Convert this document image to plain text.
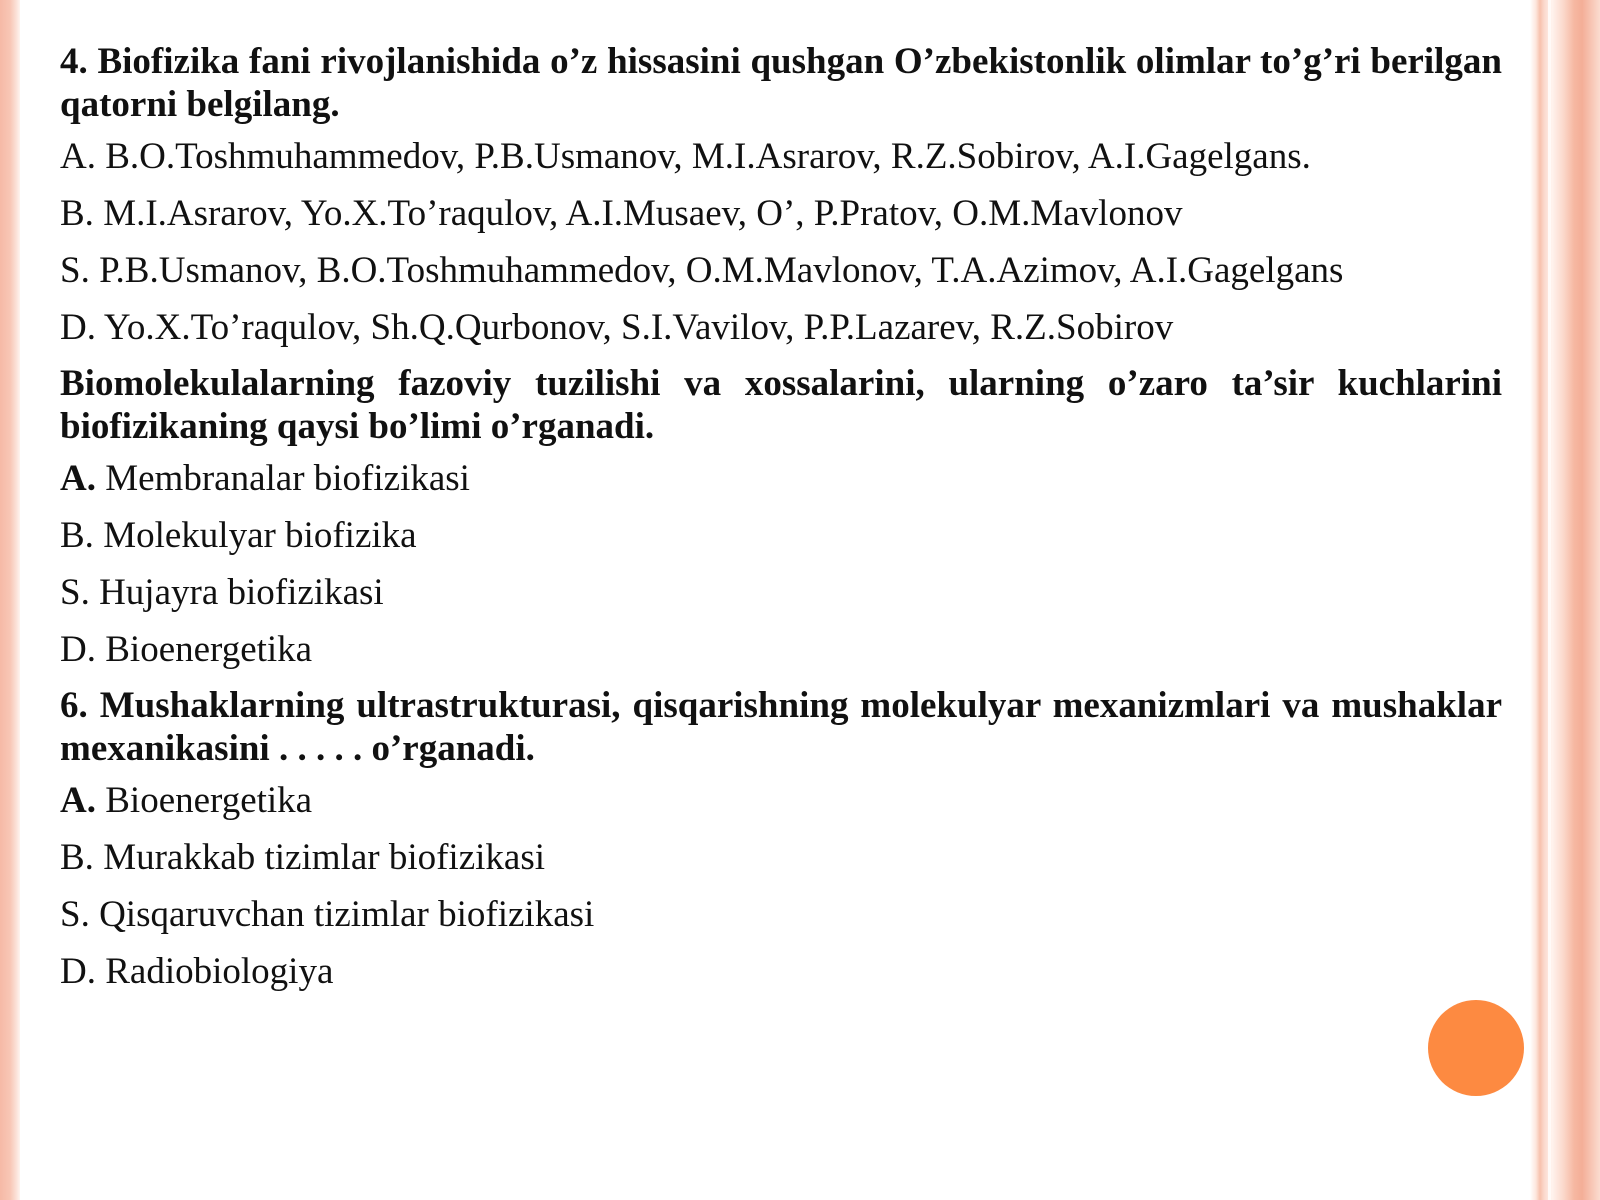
4. Biofizika fani rivojlanishida o’z hissasini qushgan O’zbekistonlik olimlar to’g’ri berilgan qatorni belgilang.
A. B.O.Toshmuhammedov, P.B.Usmanov, M.I.Asrarov, R.Z.Sobirov, A.I.Gagelgans.
B. M.I.Asrarov, Yo.X.To’raqulov, A.I.Musaev, O’, P.Pratov, O.M.Mavlonov
S. P.B.Usmanov, B.O.Toshmuhammedov, O.M.Mavlonov, T.A.Azimov, A.I.Gagelgans
D. Yo.X.To’raqulov, Sh.Q.Qurbonov, S.I.Vavilov, P.P.Lazarev, R.Z.Sobirov
Biomolekulalarning fazoviy tuzilishi va xossalarini, ularning o’zaro ta’sir kuchlarini biofizikaning qaysi bo’limi o’rganadi.
A. Membranalar biofizikasi
B. Molekulyar biofizika
S. Hujayra biofizikasi
D. Bioenergetika
6. Mushaklarning ultrastrukturasi, qisqarishning molekulyar mexanizmlari va mushaklar mexanikasini . . . . . o’rganadi.
A. Bioenergetika
B. Murakkab tizimlar biofizikasi
S. Qisqaruvchan tizimlar biofizikasi
D. Radiobiologiya
